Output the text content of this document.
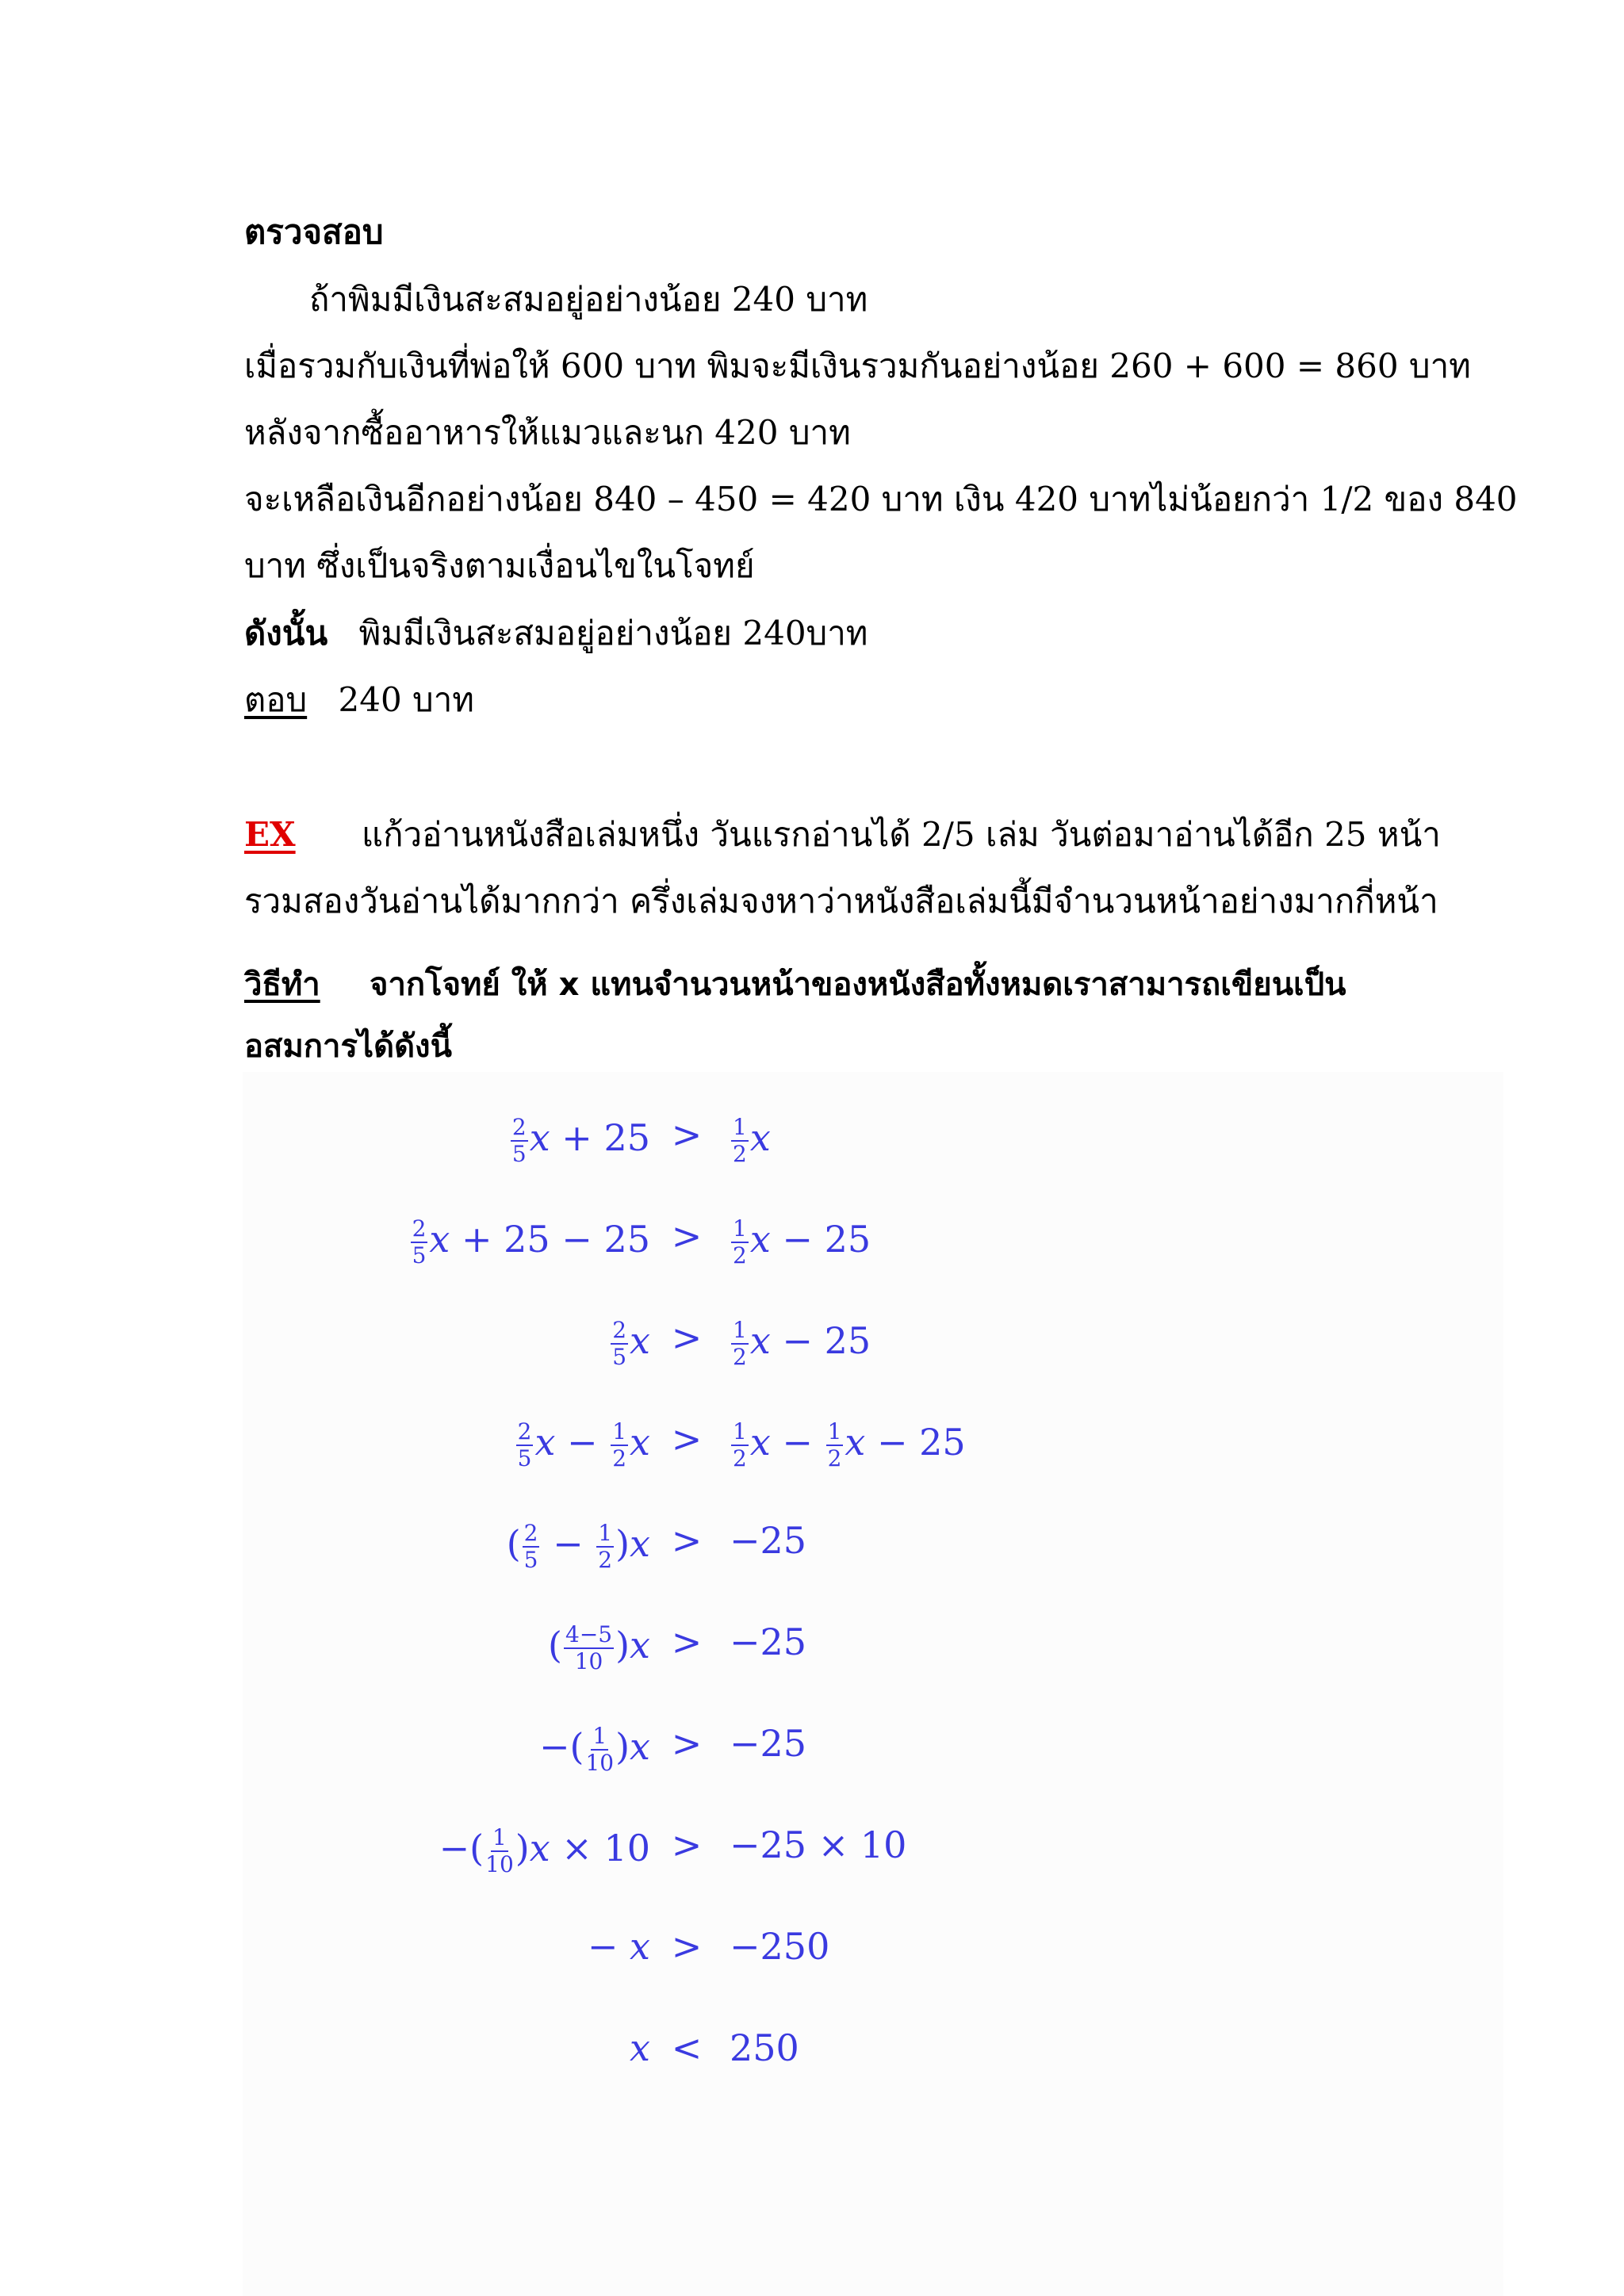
ตรวจสอบ
ถ้าพิมมีเงินสะสมอยู่อย่างน้อย 240 บาท
เมื่อรวมกับเงินที่พ่อให้ 600 บาท พิมจะมีเงินรวมกันอย่างน้อย 260 + 600 = 860 บาท
หลังจากซื้ออาหารให้แมวและนก 420 บาท
จะเหลือเงินอีกอย่างน้อย 840 – 450 = 420 บาท เงิน 420 บาทไม่น้อยกว่า 1/2 ของ 840
บาท ซึ่งเป็นจริงตามเงื่อนไขในโจทย์
ดังนั้น พิมมีเงินสะสมอยู่อย่างน้อย 240บาท
ตอบ 240 บาท
EX แก้วอ่านหนังสือเล่มหนึ่ง วันแรกอ่านได้ 2/5 เล่ม วันต่อมาอ่านได้อีก 25 หน้า
รวมสองวันอ่านได้มากกว่า ครึ่งเล่มจงหาว่าหนังสือเล่มนี้มีจำนวนหน้าอย่างมากกี่หน้า
วิธีทำ จากโจทย์ ให้ x แทนจำนวนหน้าของหนังสือทั้งหมดเราสามารถเขียนเป็น
อสมการได้ดังนี้
$\frac{2}{5}$ $x + 25 > \frac{1}{2}$ x
$\frac{2}{5}$ $x + 25 - 25 > \frac{1}{2}$ x − 25
$\frac{2}{5}$ $x > \frac{1}{2}$ x − 25
$\frac{2}{5}$ $x - \frac{1}{2}$ $x > \frac{1}{2}$ $x - \frac{1}{2}$ x − 25
( $\frac{2}{5} - \frac{1}{2} )x > -25$
( $\frac{4-5}{10} )x > -25$
−( $\frac{1}{10} )x > -25$
−( $\frac{1}{10} )x \times 10 > -25 \times 10$
− x > −250
x < 250
